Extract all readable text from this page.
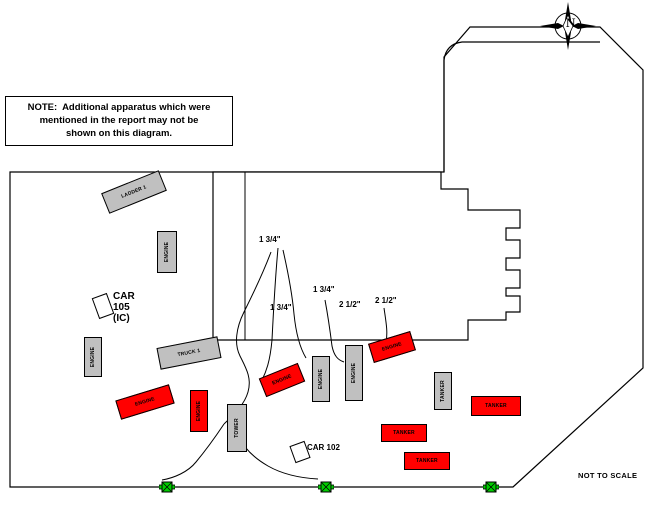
N
NOTE:  Additional apparatus which were
mentioned in the report may not be
shown on this diagram.
NOT TO SCALE
LADDER 1
ENGINE
ENGINE	TRUCK 1
ENGINE	ENGINE
TOWER
ENGINE	ENGINE	ENGINE
ENGINE
TANKER
TANKER
TANKER
TANKER
CAR
105
(IC)
CAR 102
1 3/4"
1 3/4"
1 3/4"
2 1/2" 2 1/2"
